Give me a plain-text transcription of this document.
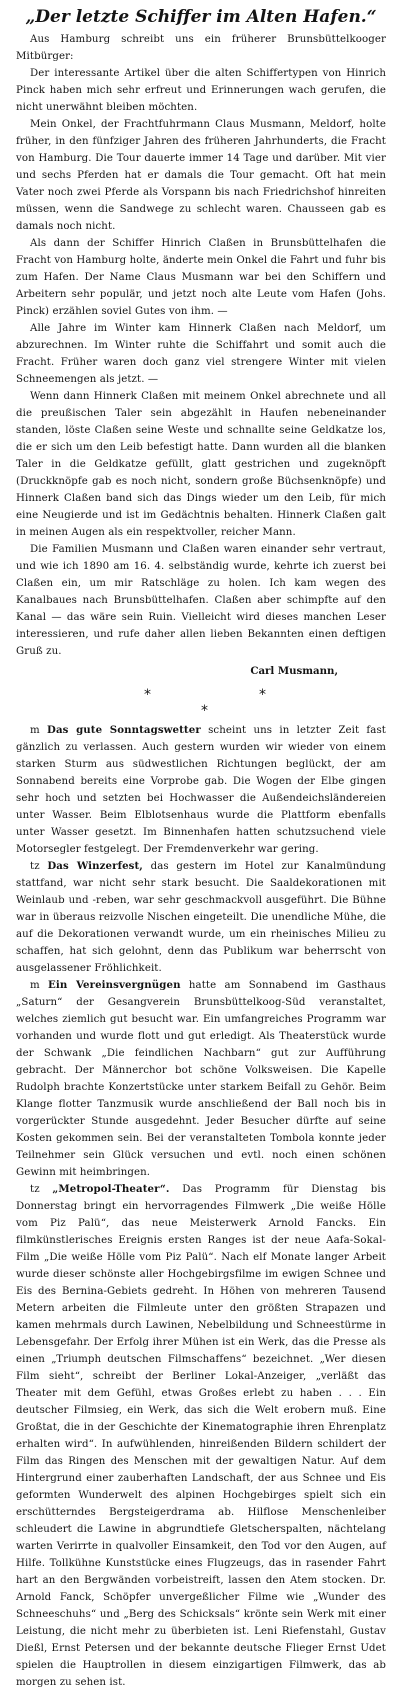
„Der letzte Schiffer im Alten Hafen.“

Aus Hamburg schreibt uns ein früherer Brunsbüttelkooger Mitbürger:

Der interessante Artikel über die alten Schiffertypen von Hinrich Pinck haben mich sehr erfreut und Erinnerungen wach gerufen, die nicht unerwähnt bleiben möchten.

Mein Onkel, der Frachtfuhrmann Claus Musmann, Meldorf, holte früher, in den fünfziger Jahren des früheren Jahrhunderts, die Fracht von Hamburg. Die Tour dauerte immer 14 Tage und darüber. Mit vier und sechs Pferden hat er damals die Tour gemacht. Oft hat mein Vater noch zwei Pferde als Vorspann bis nach Friedrichshof hinreiten müssen, wenn die Sandwege zu schlecht waren. Chausseen gab es damals noch nicht.

Als dann der Schiffer Hinrich Claßen in Brunsbüttelhafen die Fracht von Hamburg holte, änderte mein Onkel die Fahrt und fuhr bis zum Hafen. Der Name Claus Musmann war bei den Schiffern und Arbeitern sehr populär, und jetzt noch alte Leute vom Hafen (Johs. Pinck) erzählen soviel Gutes von ihm. —

Alle Jahre im Winter kam Hinnerk Claßen nach Meldorf, um abzurechnen. Im Winter ruhte die Schiffahrt und somit auch die Fracht. Früher waren doch ganz viel strengere Winter mit vielen Schneemengen als jetzt. —

Wenn dann Hinnerk Claßen mit meinem Onkel abrechnete und all die preußischen Taler sein abgezählt in Haufen nebeneinander standen, löste Claßen seine Weste und schnallte seine Geldkatze los, die er sich um den Leib befestigt hatte. Dann wurden all die blanken Taler in die Geldkatze gefüllt, glatt gestrichen und zugeknöpft (Druckknöpfe gab es noch nicht, sondern große Büchsenknöpfe) und Hinnerk Claßen band sich das Dings wieder um den Leib, für mich eine Neugierde und ist im Gedächtnis behalten. Hinnerk Claßen galt in meinen Augen als ein respektvoller, reicher Mann.

Die Familien Musmann und Claßen waren einander sehr vertraut, und wie ich 1890 am 16. 4. selbständig wurde, kehrte ich zuerst bei Claßen ein, um mir Ratschläge zu holen. Ich kam wegen des Kanalbaues nach Brunsbüttelhafen. Claßen aber schimpfte auf den Kanal — das wäre sein Ruin. Vielleicht wird dieses manchen Leser interessieren, und rufe daher allen lieben Bekannten einen deftigen Gruß zu.

Carl Musmann,

*
*
*

m Das gute Sonntagswetter scheint uns in letzter Zeit fast gänzlich zu verlassen. Auch gestern wurden wir wieder von einem starken Sturm aus südwestlichen Richtungen beglückt, der am Sonnabend bereits eine Vorprobe gab. Die Wogen der Elbe gingen sehr hoch und setzten bei Hochwasser die Außendeichsländereien unter Wasser. Beim Elblotsenhaus wurde die Plattform ebenfalls unter Wasser gesetzt. Im Binnenhafen hatten schutzsuchend viele Motorsegler festgelegt. Der Fremdenverkehr war gering.

tz Das Winzerfest, das gestern im Hotel zur Kanalmündung stattfand, war nicht sehr stark besucht. Die Saaldekorationen mit Weinlaub und -reben, war sehr geschmackvoll ausgeführt. Die Bühne war in überaus reizvolle Nischen eingeteilt. Die unendliche Mühe, die auf die Dekorationen verwandt wurde, um ein rheinisches Milieu zu schaffen, hat sich gelohnt, denn das Publikum war beherrscht von ausgelassener Fröhlichkeit.

m Ein Vereinsvergnügen hatte am Sonnabend im Gasthaus „Saturn“ der Gesangverein Brunsbüttelkoog-Süd veranstaltet, welches ziemlich gut besucht war. Ein umfangreiches Programm war vorhanden und wurde flott und gut erledigt. Als Theaterstück wurde der Schwank „Die feindlichen Nachbarn“ gut zur Aufführung gebracht. Der Männerchor bot schöne Volksweisen. Die Kapelle Rudolph brachte Konzertstücke unter starkem Beifall zu Gehör. Beim Klange flotter Tanzmusik wurde anschließend der Ball noch bis in vorgerückter Stunde ausgedehnt. Jeder Besucher dürfte auf seine Kosten gekommen sein. Bei der veranstalteten Tombola konnte jeder Teilnehmer sein Glück versuchen und evtl. noch einen schönen Gewinn mit heimbringen.

tz „Metropol-Theater“. Das Programm für Dienstag bis Donnerstag bringt ein hervorragendes Filmwerk „Die weiße Hölle vom Piz Palü“, das neue Meisterwerk Arnold Fancks. Ein filmkünstlerisches Ereignis ersten Ranges ist der neue Aafa-Sokal-Film „Die weiße Hölle vom Piz Palü“. Nach elf Monate langer Arbeit wurde dieser schönste aller Hochgebirgsfilme im ewigen Schnee und Eis des Bernina-Gebiets gedreht. In Höhen von mehreren Tausend Metern arbeiten die Filmleute unter den größten Strapazen und kamen mehrmals durch Lawinen, Nebelbildung und Schneestürme in Lebensgefahr. Der Erfolg ihrer Mühen ist ein Werk, das die Presse als einen „Triumph deutschen Filmschaffens“ bezeichnet. „Wer diesen Film sieht“, schreibt der Berliner Lokal-Anzeiger, „verläßt das Theater mit dem Gefühl, etwas Großes erlebt zu haben . . . Ein deutscher Filmsieg, ein Werk, das sich die Welt erobern muß. Eine Großtat, die in der Geschichte der Kinematographie ihren Ehrenplatz erhalten wird“. In aufwühlenden, hinreißenden Bildern schildert der Film das Ringen des Menschen mit der gewaltigen Natur. Auf dem Hintergrund einer zauberhaften Landschaft, der aus Schnee und Eis geformten Wunderwelt des alpinen Hochgebirges spielt sich ein erschütterndes Bergsteigerdrama ab. Hilflose Menschenleiber schleudert die Lawine in abgrundtiefe Gletscherspalten, nächtelang warten Verirrte in qualvoller Einsamkeit, den Tod vor den Augen, auf Hilfe. Tollkühne Kunststücke eines Flugzeugs, das in rasender Fahrt hart an den Bergwänden vorbeistreift, lassen den Atem stocken. Dr. Arnold Fanck, Schöpfer unvergeßlicher Filme wie „Wunder des Schneeschuhs“ und „Berg des Schicksals“ krönte sein Werk mit einer Leistung, die nicht mehr zu überbieten ist. Leni Riefenstahl, Gustav Dießl, Ernst Petersen und der bekannte deutsche Flieger Ernst Udet spielen die Hauptrollen in diesem einzigartigen Filmwerk, das ab morgen zu sehen ist.
